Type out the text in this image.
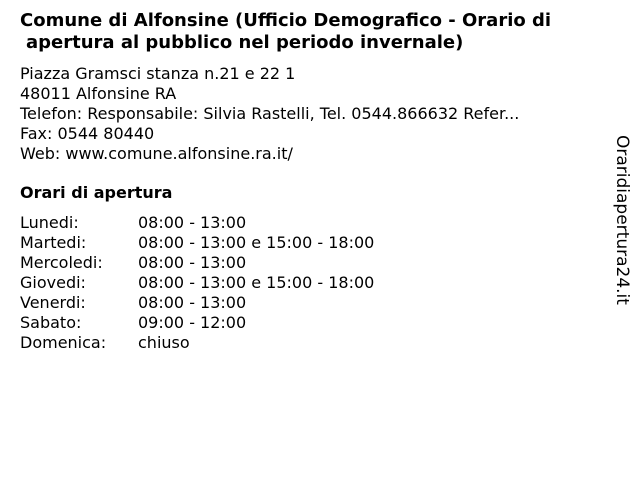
Comune di Alfonsine (Ufficio Demografico - Orario di
apertura al pubblico nel periodo invernale)
Piazza Gramsci stanza n.21 e 22 1
48011 Alfonsine RA
Telefon: Responsabile: Silvia Rastelli, Tel. 0544.866632 Refer...
Fax: 0544 80440
Web: www.comune.alfonsine.ra.it/
Orari di apertura
Lunedi:	08:00 - 13:00
Martedi:	08:00 - 13:00 e 15:00 - 18:00
Mercoledi:	08:00 - 13:00
Giovedi:	08:00 - 13:00 e 15:00 - 18:00
Venerdi:	08:00 - 13:00
Sabato:	09:00 - 12:00
Domenica:	chiuso
Oraridiapertura24.it
